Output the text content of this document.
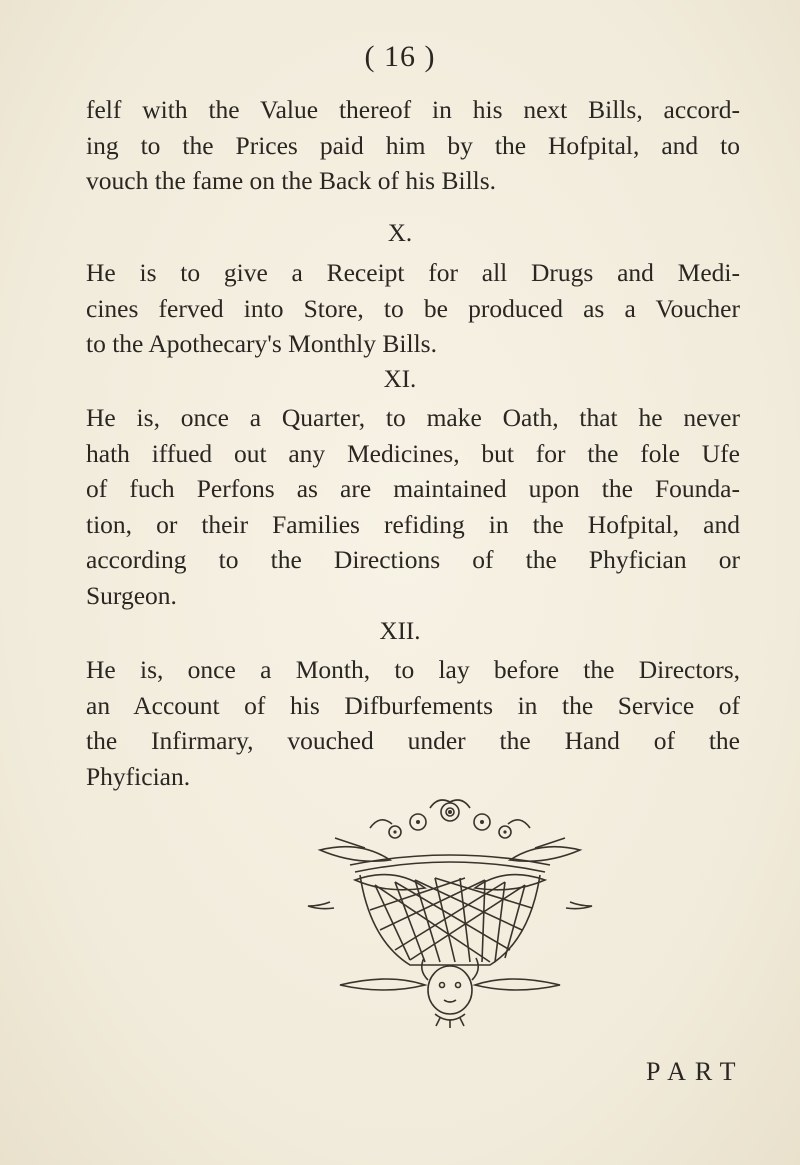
( 16 )
felf with the Value thereof in his next Bills, accord-
ing to the Prices paid him by the Hofpital, and to
vouch the fame on the Back of his Bills.
X.
He is to give a Receipt for all Drugs and Medi-
cines ferved into Store, to be produced as a Voucher
to the Apothecary's Monthly Bills.
XI.
He is, once a Quarter, to make Oath, that he never
hath iffued out any Medicines, but for the fole Ufe
of fuch Perfons as are maintained upon the Founda-
tion, or their Families refiding in the Hofpital, and
according to the Directions of the Phyfician or
Surgeon.
XII.
He is, once a Month, to lay before the Directors,
an Account of his Difburfements in the Service of
the Infirmary, vouched under the Hand of the
Phyfician.
PART
